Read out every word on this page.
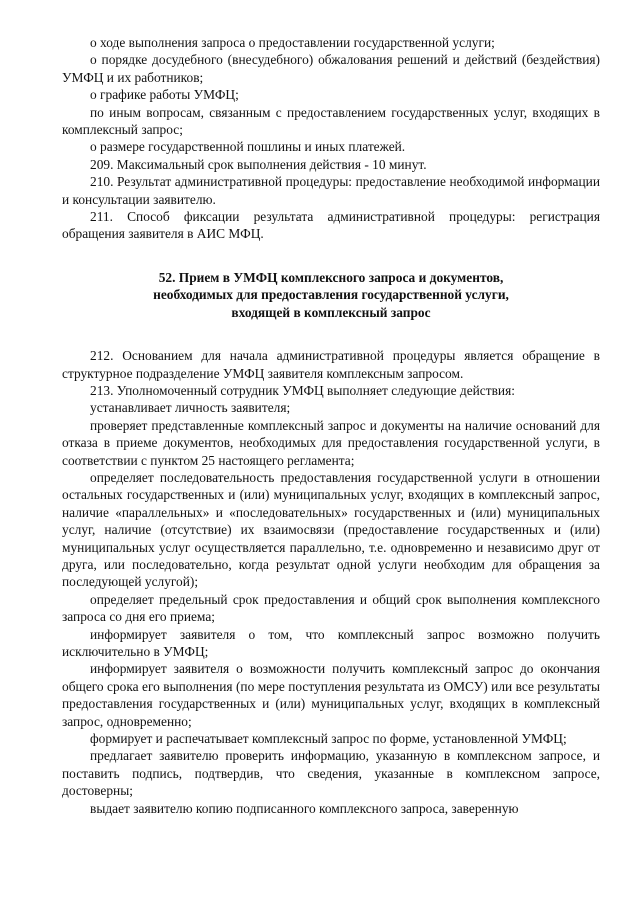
о ходе выполнения запроса о предоставлении государственной услуги;

о порядке досудебного (внесудебного) обжалования решений и действий (бездействия) УМФЦ и их работников;

о графике работы УМФЦ;

по иным вопросам, связанным с предоставлением государственных услуг, входящих в комплексный запрос;

о размере государственной пошлины и иных платежей.

209. Максимальный срок выполнения действия - 10 минут.

210. Результат административной процедуры: предоставление необходимой информации и консультации заявителю.

211. Способ фиксации результата административной процедуры: регистрация обращения заявителя в АИС МФЦ.

52. Прием в УМФЦ комплексного запроса и документов,
необходимых для предоставления государственной услуги,
входящей в комплексный запрос

212. Основанием для начала административной процедуры является обращение в структурное подразделение УМФЦ заявителя комплексным запросом.

213. Уполномоченный сотрудник УМФЦ выполняет следующие действия:

устанавливает личность заявителя;

проверяет представленные комплексный запрос и документы на наличие оснований для отказа в приеме документов, необходимых для предоставления государственной услуги, в соответствии с пунктом 25 настоящего регламента;

определяет последовательность предоставления государственной услуги в отношении остальных государственных и (или) муниципальных услуг, входящих в комплексный запрос, наличие «параллельных» и «последовательных» государственных и (или) муниципальных услуг, наличие (отсутствие) их взаимосвязи (предоставление государственных и (или) муниципальных услуг осуществляется параллельно, т.е. одновременно и независимо друг от друга, или последовательно, когда результат одной услуги необходим для обращения за последующей услугой);

определяет предельный срок предоставления и общий срок выполнения комплексного запроса со дня его приема;

информирует заявителя о том, что комплексный запрос возможно получить исключительно в УМФЦ;

информирует заявителя о возможности получить комплексный запрос до окончания общего срока его выполнения (по мере поступления результата из ОМСУ) или все результаты предоставления государственных и (или) муниципальных услуг, входящих в комплексный запрос, одновременно;

формирует и распечатывает комплексный запрос по форме, установленной УМФЦ;

предлагает заявителю проверить информацию, указанную в комплексном запросе, и поставить подпись, подтвердив, что сведения, указанные в комплексном запросе, достоверны;

выдает заявителю копию подписанного комплексного запроса, заверенную
